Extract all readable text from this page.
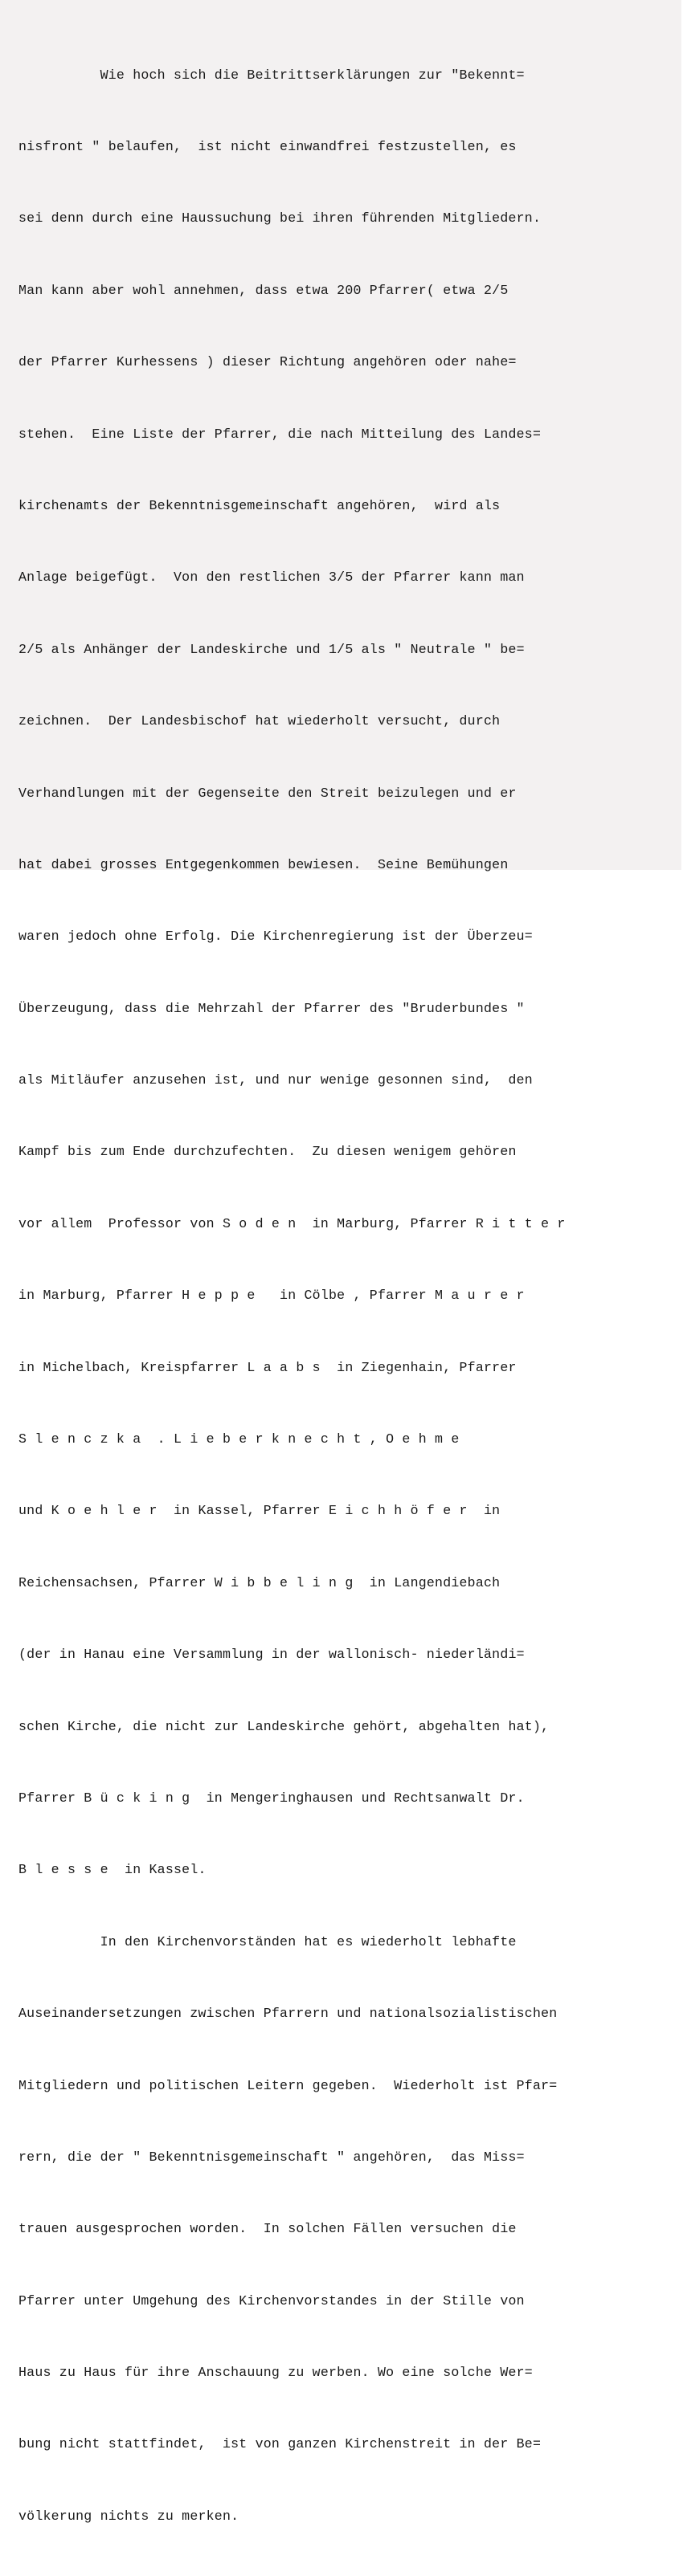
Wie hoch sich die Beitrittserklärungen zur "Bekennt=

nisfront " belaufen,  ist nicht einwandfrei festzustellen, es

sei denn durch eine Haussuchung bei ihren führenden Mitgliedern.

Man kann aber wohl annehmen, dass etwa 200 Pfarrer( etwa 2/5

der Pfarrer Kurhessens ) dieser Richtung angehören oder nahe=

stehen.  Eine Liste der Pfarrer, die nach Mitteilung des Landes=

kirchenamts der Bekenntnisgemeinschaft angehören,  wird als

Anlage beigefügt.  Von den restlichen 3/5 der Pfarrer kann man

2/5 als Anhänger der Landeskirche und 1/5 als " Neutrale " be=

zeichnen.  Der Landesbischof hat wiederholt versucht, durch

Verhandlungen mit der Gegenseite den Streit beizulegen und er

hat dabei grosses Entgegenkommen bewiesen.  Seine Bemühungen

waren jedoch ohne Erfolg. Die Kirchenregierung ist der Überzeu=

Überzeugung, dass die Mehrzahl der Pfarrer des "Bruderbundes "

als Mitläufer anzusehen ist, und nur wenige gesonnen sind,  den

Kampf bis zum Ende durchzufechten.  Zu diesen wenigem gehören

vor allem  Professor von S o d e n  in Marburg, Pfarrer R i t t e r

in Marburg, Pfarrer H e p p e   in Cölbe , Pfarrer M a u r e r

in Michelbach, Kreispfarrer L a a b s  in Ziegenhain, Pfarrer

S l e n c z k a  . L i e b e r k n e c h t , O e h m e

und K o e h l e r  in Kassel, Pfarrer E i c h h ö f e r  in

Reichensachsen, Pfarrer W i b b e l i n g  in Langendiebach

(der in Hanau eine Versammlung in der wallonisch- niederländi=

schen Kirche, die nicht zur Landeskirche gehört, abgehalten hat),

Pfarrer B ü c k i n g  in Mengeringhausen und Rechtsanwalt Dr.

B l e s s e  in Kassel.

In den Kirchenvorständen hat es wiederholt lebhafte

Auseinandersetzungen zwischen Pfarrern und nationalsozialistischen

Mitgliedern und politischen Leitern gegeben.  Wiederholt ist Pfar=

rern, die der " Bekenntnisgemeinschaft " angehören,  das Miss=

trauen ausgesprochen worden.  In solchen Fällen versuchen die

Pfarrer unter Umgehung des Kirchenvorstandes in der Stille von

Haus zu Haus für ihre Anschauung zu werben. Wo eine solche Wer=

bung nicht stattfindet,  ist von ganzen Kirchenstreit in der Be=

völkerung nichts zu merken.
